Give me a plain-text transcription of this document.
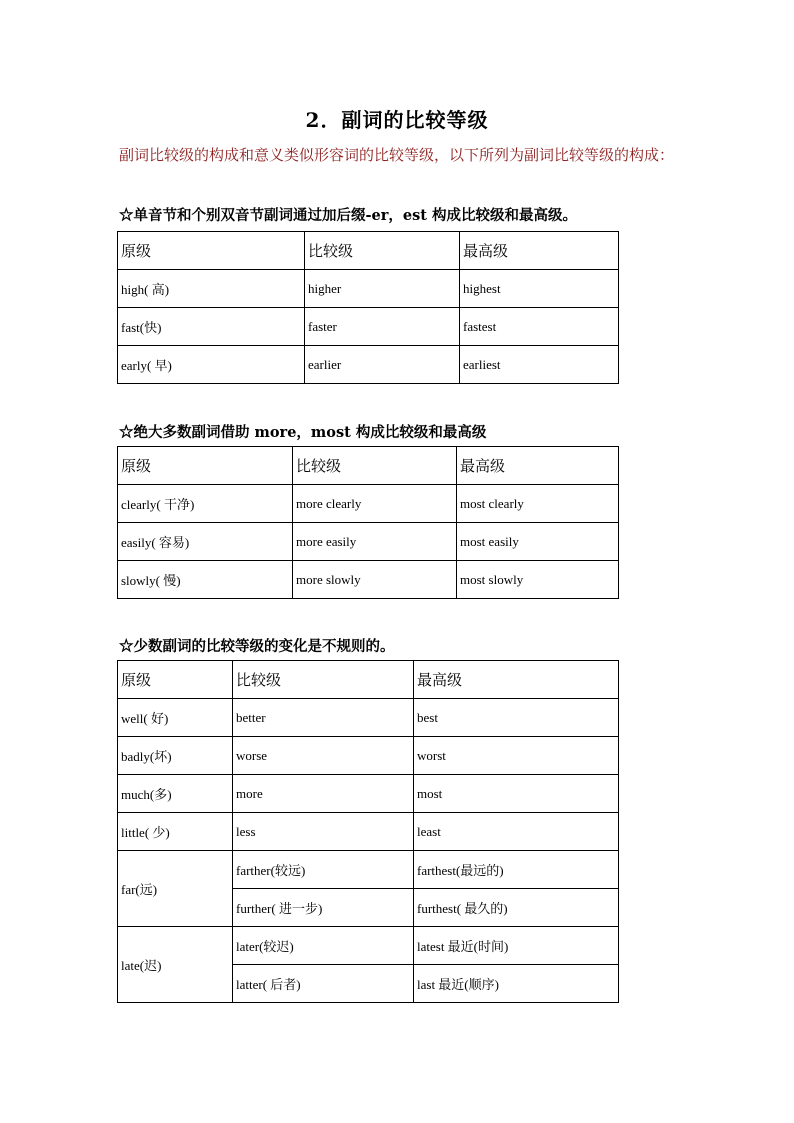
2．副词的比较等级
副词比较级的构成和意义类似形容词的比较等级，以下所列为副词比较等级的构成：
☆单音节和个别双音节副词通过加后缀-er，est 构成比较级和最高级。
原级	比较级	最高级
high( 高)	higher	highest
fast(快)	faster	fastest
early( 早)	earlier	earliest
☆绝大多数副词借助 more，most 构成比较级和最高级
原级	比较级	最高级
clearly( 干净)	more clearly	most clearly
easily( 容易)	more easily	most easily
slowly( 慢)	more slowly	most slowly
☆少数副词的比较等级的变化是不规则的。
原级	比较级	最高级
well( 好)	better	best
badly(坏)	worse	worst
much(多)	more	most
little( 少)	less	least
far(远)	farther(较远)	farthest(最远的)
	further( 进一步)	furthest( 最久的)
late(迟)	later(较迟)	latest 最近(时间)
	latter( 后者)	last 最近(顺序)
